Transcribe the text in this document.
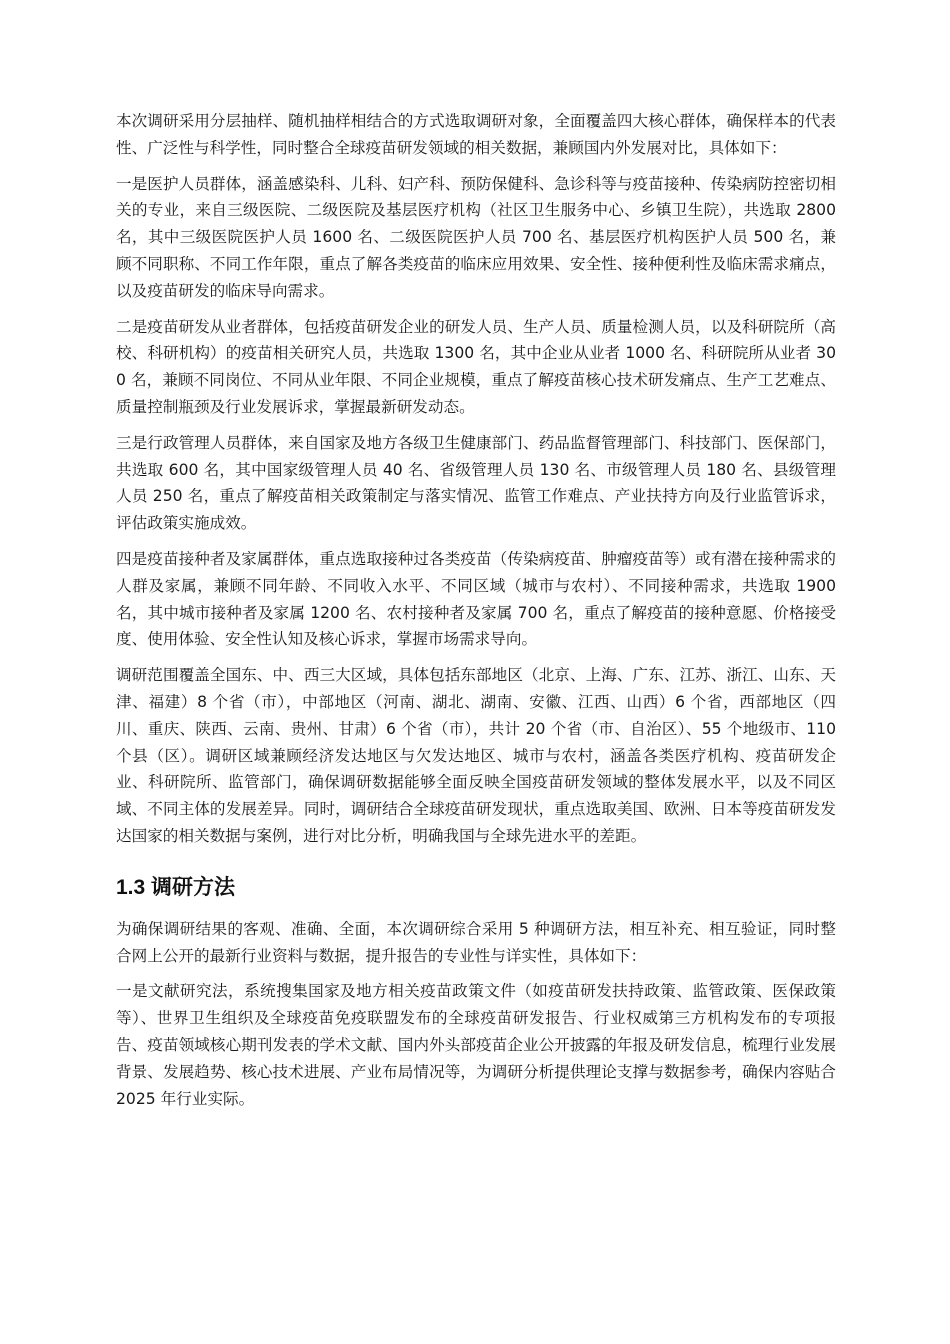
本次调研采用分层抽样、随机抽样相结合的方式选取调研对象，全面覆盖四大核心群体，确保样本的代表性、广泛性与科学性，同时整合全球疫苗研发领域的相关数据，兼顾国内外发展对比，具体如下：

一是医护人员群体，涵盖感染科、儿科、妇产科、预防保健科、急诊科等与疫苗接种、传染病防控密切相关的专业，来自三级医院、二级医院及基层医疗机构（社区卫生服务中心、乡镇卫生院），共选取 2800 名，其中三级医院医护人员 1600 名、二级医院医护人员 700 名、基层医疗机构医护人员 500 名，兼顾不同职称、不同工作年限，重点了解各类疫苗的临床应用效果、安全性、接种便利性及临床需求痛点，以及疫苗研发的临床导向需求。

二是疫苗研发从业者群体，包括疫苗研发企业的研发人员、生产人员、质量检测人员，以及科研院所（高校、科研机构）的疫苗相关研究人员，共选取 1300 名，其中企业从业者 1000 名、科研院所从业者 300 名，兼顾不同岗位、不同从业年限、不同企业规模，重点了解疫苗核心技术研发痛点、生产工艺难点、质量控制瓶颈及行业发展诉求，掌握最新研发动态。

三是行政管理人员群体，来自国家及地方各级卫生健康部门、药品监督管理部门、科技部门、医保部门，共选取 600 名，其中国家级管理人员 40 名、省级管理人员 130 名、市级管理人员 180 名、县级管理人员 250 名，重点了解疫苗相关政策制定与落实情况、监管工作难点、产业扶持方向及行业监管诉求，评估政策实施成效。

四是疫苗接种者及家属群体，重点选取接种过各类疫苗（传染病疫苗、肿瘤疫苗等）或有潜在接种需求的人群及家属，兼顾不同年龄、不同收入水平、不同区域（城市与农村）、不同接种需求，共选取 1900 名，其中城市接种者及家属 1200 名、农村接种者及家属 700 名，重点了解疫苗的接种意愿、价格接受度、使用体验、安全性认知及核心诉求，掌握市场需求导向。

调研范围覆盖全国东、中、西三大区域，具体包括东部地区（北京、上海、广东、江苏、浙江、山东、天津、福建）8 个省（市），中部地区（河南、湖北、湖南、安徽、江西、山西）6 个省，西部地区（四川、重庆、陕西、云南、贵州、甘肃）6 个省（市），共计 20 个省（市、自治区）、55 个地级市、110 个县（区）。调研区域兼顾经济发达地区与欠发达地区、城市与农村，涵盖各类医疗机构、疫苗研发企业、科研院所、监管部门，确保调研数据能够全面反映全国疫苗研发领域的整体发展水平，以及不同区域、不同主体的发展差异。同时，调研结合全球疫苗研发现状，重点选取美国、欧洲、日本等疫苗研发发达国家的相关数据与案例，进行对比分析，明确我国与全球先进水平的差距。

1.3 调研方法

为确保调研结果的客观、准确、全面，本次调研综合采用 5 种调研方法，相互补充、相互验证，同时整合网上公开的最新行业资料与数据，提升报告的专业性与详实性，具体如下：

一是文献研究法，系统搜集国家及地方相关疫苗政策文件（如疫苗研发扶持政策、监管政策、医保政策等）、世界卫生组织及全球疫苗免疫联盟发布的全球疫苗研发报告、行业权威第三方机构发布的专项报告、疫苗领域核心期刊发表的学术文献、国内外头部疫苗企业公开披露的年报及研发信息，梳理行业发展背景、发展趋势、核心技术进展、产业布局情况等，为调研分析提供理论支撑与数据参考，确保内容贴合 2025 年行业实际。
